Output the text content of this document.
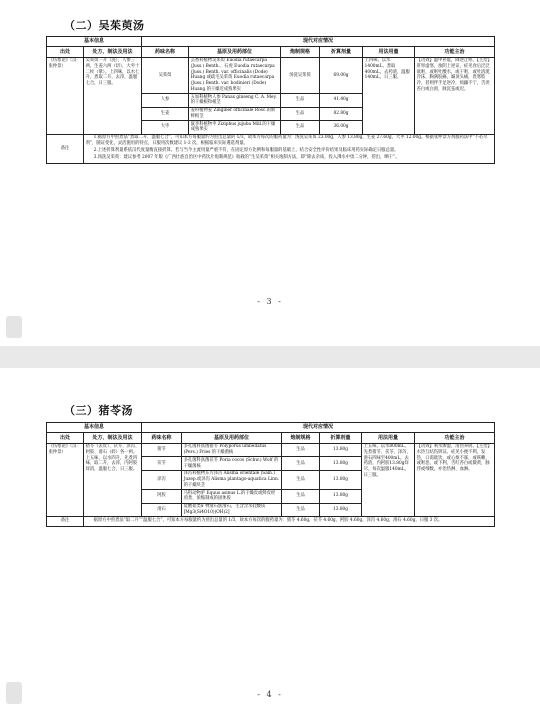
（二）吴茱萸汤
基本信息		现代对应情况					
出处	处方、制法及用法	药味名称	基原及用药部位	炮制规格	折算剂量	用法用量	功能主治
《伤寒论》（汉·张仲景）	吴茱萸一升（洗），人参三两，生姜六两（切），大枣十二枚（擘）。上四味，以水七升，煮取二升，去滓，温服七合，日三服。	吴茱萸	芸香科植物吴茱萸 Euodia rutaecarpa (Juss.) Benth.、石虎 Euodia rutaecarpa (Juss.) Benth. var. officinalis (Dode) Huang 或疏毛吴茱萸 Euodia rutaecarpa (Juss.) Benth. var. bodinieri (Dode) Huang 的干燥近成熟果实	汤洗吴茱萸	69.00g	上四味，以水1400mL，煮取400mL，去药渣，温服140mL，日三服。	【功效】温中补虚，降逆止呕。【主治】肝胃虚寒，浊阴上逆证，症见食后泛泛欲呕，或呕吐酸水，或干呕，或吐清涎冷沫，胸满脘痛，巅顶头痛，畏寒肢冷，甚则伴手足逆冷，烦躁不宁，舌淡苔白或白滑，脉沉弦或迟。
		人参	五加科植物人参 Panax ginseng C. A. Mey.的干燥根和根茎	生品	41.40g		
		生姜	姜科植物姜 Zingiber officinale Rosc.的新鲜根茎	生品	82.80g		
		大枣	鼠李科植物枣 Ziziphus jujuba Mill.的干燥成熟果实	生品	36.00g		
备注	1.据原方中煎煮法“煮取二升，温服七合”，可知本方每服量约为煎出总量的 1/3，故本方每次的服药量为：汤洗吴茱萸 23.00g，人参 13.80g，生姜 27.60g，大枣 12.00g。根据张仲景方剂服药法中“不必尽剂”，随证变化，灵活施用的特点，日服用次数建议 1-3 次，根据临床实际遴选剂量。

2.上述折算剂量系依汉代度量衡直接折算。若与当今主流用量严重不符，在固定原方比例和每服量的基础上，结合安全性评价结果及临床用药实际确定日服总量。

3.汤洗吴茱萸：建议参考 2007 年版《广西壮族自治区中药饮片炮制规范》收载的“生吴茱萸”相关炮制方法，即“除去杂质，投入沸水中烫二分钟，捞出，晒干”。						

- 3 -
（三）猪苓汤
基本信息		现代对应情况					
出处	处方、制法及用法	药味名称	基原及用药部位	炮制规格	折算剂量	用法用量	功能主治
《伤寒论》（汉·张仲景）	猪苓（去皮）、茯苓、泽泻、阿胶、滑石（碎）各一两。上五味，以水四升，先煮四味，取二升，去滓，内阿胶烊消，温服七合，日三服。	猪苓	多孔菌科真菌猪苓 Polyporus umbellatus (Pers.) Fries 的干燥菌核	生品	13.80g	上五味，以水800mL，先煮猪苓、茯苓、泽泻、滑石四味至400mL，去药渣，内阿胶13.80g烊尽，每次温服140mL，日三服。	【功效】利水渗湿，清热养阴。【主治】水热互结伤阴证。症见小便不利，发热，口渴欲饮，或心烦不寐，或咳嗽，或呕恶，或下利，舌红苔白或微黄，脉浮或细数。亦治热淋、血淋。
		茯苓	多孔菌科真菌茯苓 Poria cocos (Schw.) Wolf 的干燥菌核	生品	13.80g		
		泽泻	泽泻科植物东方泽泻 Alisma orientale (Sam.) Juzep.或泽泻 Alisma plantago-aquatica Linn.的干燥块茎	生品	13.80g		
		阿胶	马科动物驴 Equus asinus L.的干燥皮或鲜皮经煎煮、浓缩制成的固体胶	生品	13.80g		
		滑石	硅酸盐类矿物滑石族滑石，主含含水硅酸镁[Mg3(Si4O10)(OH)2]	生品	13.80g		
备注	据原方中煎煮法“取二升”“温服七合”，可知本方每服量约为煎出总量的 1/3，故本方每次的服药量为：猪苓 4.60g，茯苓 4.60g，阿胶 4.60g，泽泻 4.60g，滑石 4.60g，日服 3 次。						

- 4 -
